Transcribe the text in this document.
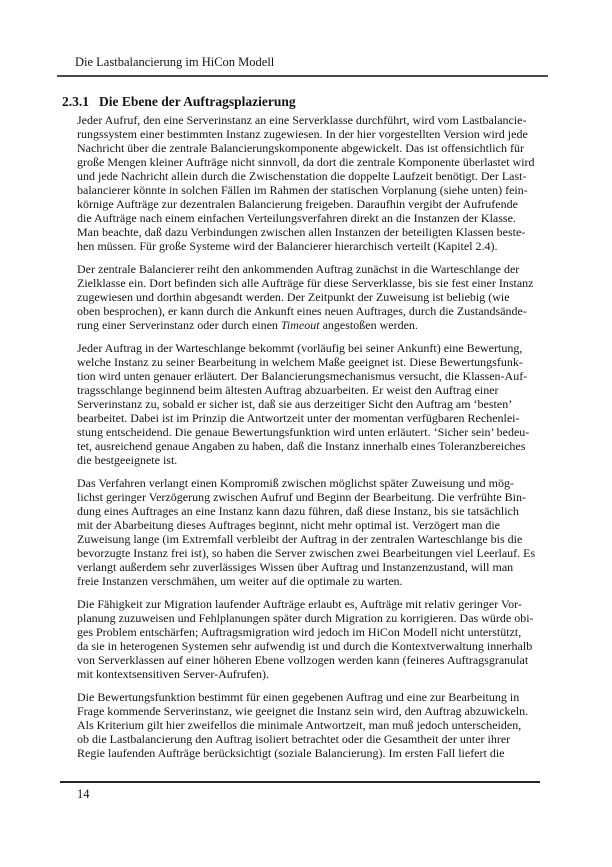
Die Lastbalancierung im HiCon Modell
2.3.1 Die Ebene der Auftragsplazierung
Jeder Aufruf, den eine Serverinstanz an eine Serverklasse durchführt, wird vom Lastbalancie-
rungssystem einer bestimmten Instanz zugewiesen. In der hier vorgestellten Version wird jede
Nachricht über die zentrale Balancierungskomponente abgewickelt. Das ist offensichtlich für
große Mengen kleiner Aufträge nicht sinnvoll, da dort die zentrale Komponente überlastet wird
und jede Nachricht allein durch die Zwischenstation die doppelte Laufzeit benötigt. Der Last-
balancierer könnte in solchen Fällen im Rahmen der statischen Vorplanung (siehe unten) fein-
körnige Aufträge zur dezentralen Balancierung freigeben. Daraufhin vergibt der Aufrufende
die Aufträge nach einem einfachen Verteilungsverfahren direkt an die Instanzen der Klasse.
Man beachte, daß dazu Verbindungen zwischen allen Instanzen der beteiligten Klassen beste-
hen müssen. Für große Systeme wird der Balancierer hierarchisch verteilt (Kapitel 2.4).
Der zentrale Balancierer reiht den ankommenden Auftrag zunächst in die Warteschlange der
Zielklasse ein. Dort befinden sich alle Aufträge für diese Serverklasse, bis sie fest einer Instanz
zugewiesen und dorthin abgesandt werden. Der Zeitpunkt der Zuweisung ist beliebig (wie
oben besprochen), er kann durch die Ankunft eines neuen Auftrages, durch die Zustandsände-
rung einer Serverinstanz oder durch einen Timeout angestoßen werden.
Jeder Auftrag in der Warteschlange bekommt (vorläufig bei seiner Ankunft) eine Bewertung,
welche Instanz zu seiner Bearbeitung in welchem Maße geeignet ist. Diese Bewertungsfunk-
tion wird unten genauer erläutert. Der Balancierungsmechanismus versucht, die Klassen-Auf-
tragsschlange beginnend beim ältesten Auftrag abzuarbeiten. Er weist den Auftrag einer
Serverinstanz zu, sobald er sicher ist, daß sie aus derzeitiger Sicht den Auftrag am ‘besten’
bearbeitet. Dabei ist im Prinzip die Antwortzeit unter der momentan verfügbaren Rechenlei-
stung entscheidend. Die genaue Bewertungsfunktion wird unten erläutert. ‘Sicher sein’ bedeu-
tet, ausreichend genaue Angaben zu haben, daß die Instanz innerhalb eines Toleranzbereiches
die bestgeeignete ist.
Das Verfahren verlangt einen Kompromiß zwischen möglichst später Zuweisung und mög-
lichst geringer Verzögerung zwischen Aufruf und Beginn der Bearbeitung. Die verfrühte Bin-
dung eines Auftrages an eine Instanz kann dazu führen, daß diese Instanz, bis sie tatsächlich
mit der Abarbeitung dieses Auftrages beginnt, nicht mehr optimal ist. Verzögert man die
Zuweisung lange (im Extremfall verbleibt der Auftrag in der zentralen Warteschlange bis die
bevorzugte Instanz frei ist), so haben die Server zwischen zwei Bearbeitungen viel Leerlauf. Es
verlangt außerdem sehr zuverlässiges Wissen über Auftrag und Instanzenzustand, will man
freie Instanzen verschmähen, um weiter auf die optimale zu warten.
Die Fähigkeit zur Migration laufender Aufträge erlaubt es, Aufträge mit relativ geringer Vor-
planung zuzuweisen und Fehlplanungen später durch Migration zu korrigieren. Das würde obi-
ges Problem entschärfen; Auftragsmigration wird jedoch im HiCon Modell nicht unterstützt,
da sie in heterogenen Systemen sehr aufwendig ist und durch die Kontextverwaltung innerhalb
von Serverklassen auf einer höheren Ebene vollzogen werden kann (feineres Auftragsgranulat
mit kontextsensitiven Server-Aufrufen).
Die Bewertungsfunktion bestimmt für einen gegebenen Auftrag und eine zur Bearbeitung in
Frage kommende Serverinstanz, wie geeignet die Instanz sein wird, den Auftrag abzuwickeln.
Als Kriterium gilt hier zweifellos die minimale Antwortzeit, man muß jedoch unterscheiden,
ob die Lastbalancierung den Auftrag isoliert betrachtet oder die Gesamtheit der unter ihrer
Regie laufenden Aufträge berücksichtigt (soziale Balancierung). Im ersten Fall liefert die
14
